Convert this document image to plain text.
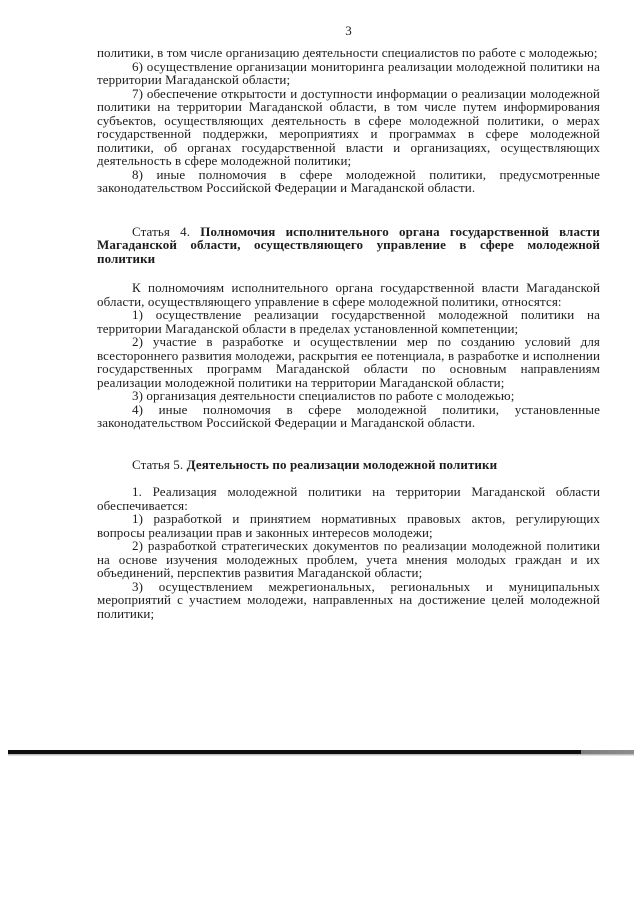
3

политики, в том числе организацию деятельности специалистов по работе с молодежью;

6) осуществление организации мониторинга реализации молодежной политики на территории Магаданской области;

7) обеспечение открытости и доступности информации о реализации молодежной политики на территории Магаданской области, в том числе путем информирования субъектов, осуществляющих деятельность в сфере молодежной политики, о мерах государственной поддержки, мероприятиях и программах в сфере молодежной политики, об органах государственной власти и организациях, осуществляющих деятельность в сфере молодежной политики;

8) иные полномочия в сфере молодежной политики, предусмотренные законодательством Российской Федерации и Магаданской области.

Статья 4. Полномочия исполнительного органа государственной власти Магаданской области, осуществляющего управление в сфере молодежной политики

К полномочиям исполнительного органа государственной власти Магаданской области, осуществляющего управление в сфере молодежной политики, относятся:

1) осуществление реализации государственной молодежной политики на территории Магаданской области в пределах установленной компетенции;

2) участие в разработке и осуществлении мер по созданию условий для всестороннего развития молодежи, раскрытия ее потенциала, в разработке и исполнении государственных программ Магаданской области по основным направлениям реализации молодежной политики на территории Магаданской области;

3) организация деятельности специалистов по работе с молодежью;

4) иные полномочия в сфере молодежной политики, установленные законодательством Российской Федерации и Магаданской области.

Статья 5. Деятельность по реализации молодежной политики

1. Реализация молодежной политики на территории Магаданской области обеспечивается:

1) разработкой и принятием нормативных правовых актов, регулирующих вопросы реализации прав и законных интересов молодежи;

2) разработкой стратегических документов по реализации молодежной политики на основе изучения молодежных проблем, учета мнения молодых граждан и их объединений, перспектив развития Магаданской области;

3) осуществлением межрегиональных, региональных и муниципальных мероприятий с участием молодежи, направленных на достижение целей молодежной политики;
